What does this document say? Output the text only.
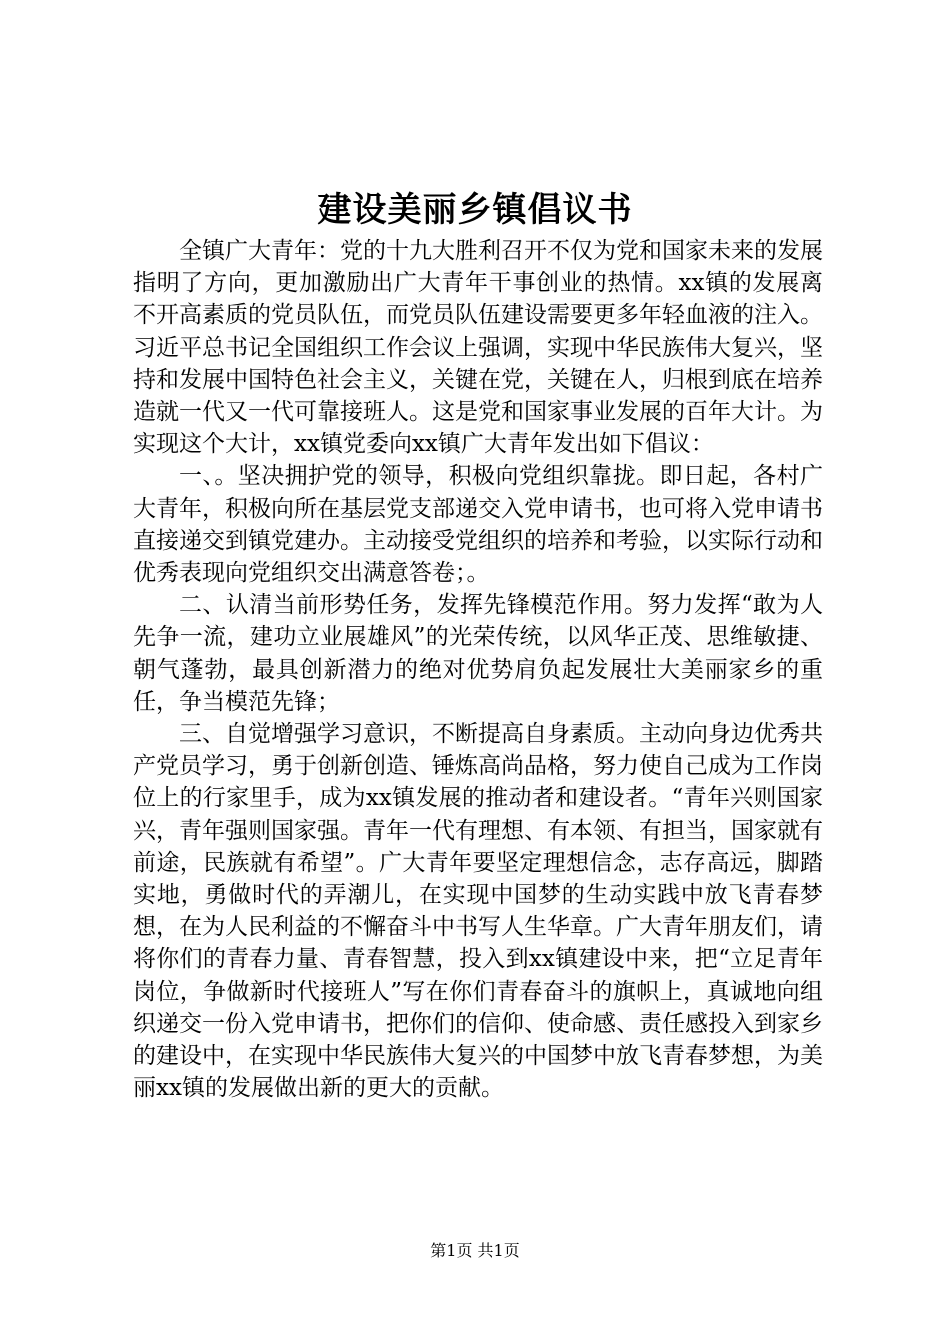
建设美丽乡镇倡议书

全镇广大青年：党的十九大胜利召开不仅为党和国家未来的发展指明了方向，更加激励出广大青年干事创业的热情。xx镇的发展离不开高素质的党员队伍，而党员队伍建设需要更多年轻血液的注入。习近平总书记全国组织工作会议上强调，实现中华民族伟大复兴，坚持和发展中国特色社会主义，关键在党，关键在人，归根到底在培养造就一代又一代可靠接班人。这是党和国家事业发展的百年大计。为实现这个大计，xx镇党委向xx镇广大青年发出如下倡议：

一、。坚决拥护党的领导，积极向党组织靠拢。即日起，各村广大青年，积极向所在基层党支部递交入党申请书，也可将入党申请书直接递交到镇党建办。主动接受党组织的培养和考验，以实际行动和优秀表现向党组织交出满意答卷；。

二、认清当前形势任务，发挥先锋模范作用。努力发挥“敢为人先争一流，建功立业展雄风”的光荣传统，以风华正茂、思维敏捷、朝气蓬勃，最具创新潜力的绝对优势肩负起发展壮大美丽家乡的重任，争当模范先锋；

三、自觉增强学习意识，不断提高自身素质。主动向身边优秀共产党员学习，勇于创新创造、锤炼高尚品格，努力使自己成为工作岗位上的行家里手，成为xx镇发展的推动者和建设者。“青年兴则国家兴，青年强则国家强。青年一代有理想、有本领、有担当，国家就有前途，民族就有希望”。广大青年要坚定理想信念，志存高远，脚踏实地，勇做时代的弄潮儿，在实现中国梦的生动实践中放飞青春梦想，在为人民利益的不懈奋斗中书写人生华章。广大青年朋友们，请将你们的青春力量、青春智慧，投入到xx镇建设中来，把“立足青年岗位，争做新时代接班人”写在你们青春奋斗的旗帜上，真诚地向组织递交一份入党申请书，把你们的信仰、使命感、责任感投入到家乡的建设中，在实现中华民族伟大复兴的中国梦中放飞青春梦想，为美丽xx镇的发展做出新的更大的贡献。

第1页 共1页
